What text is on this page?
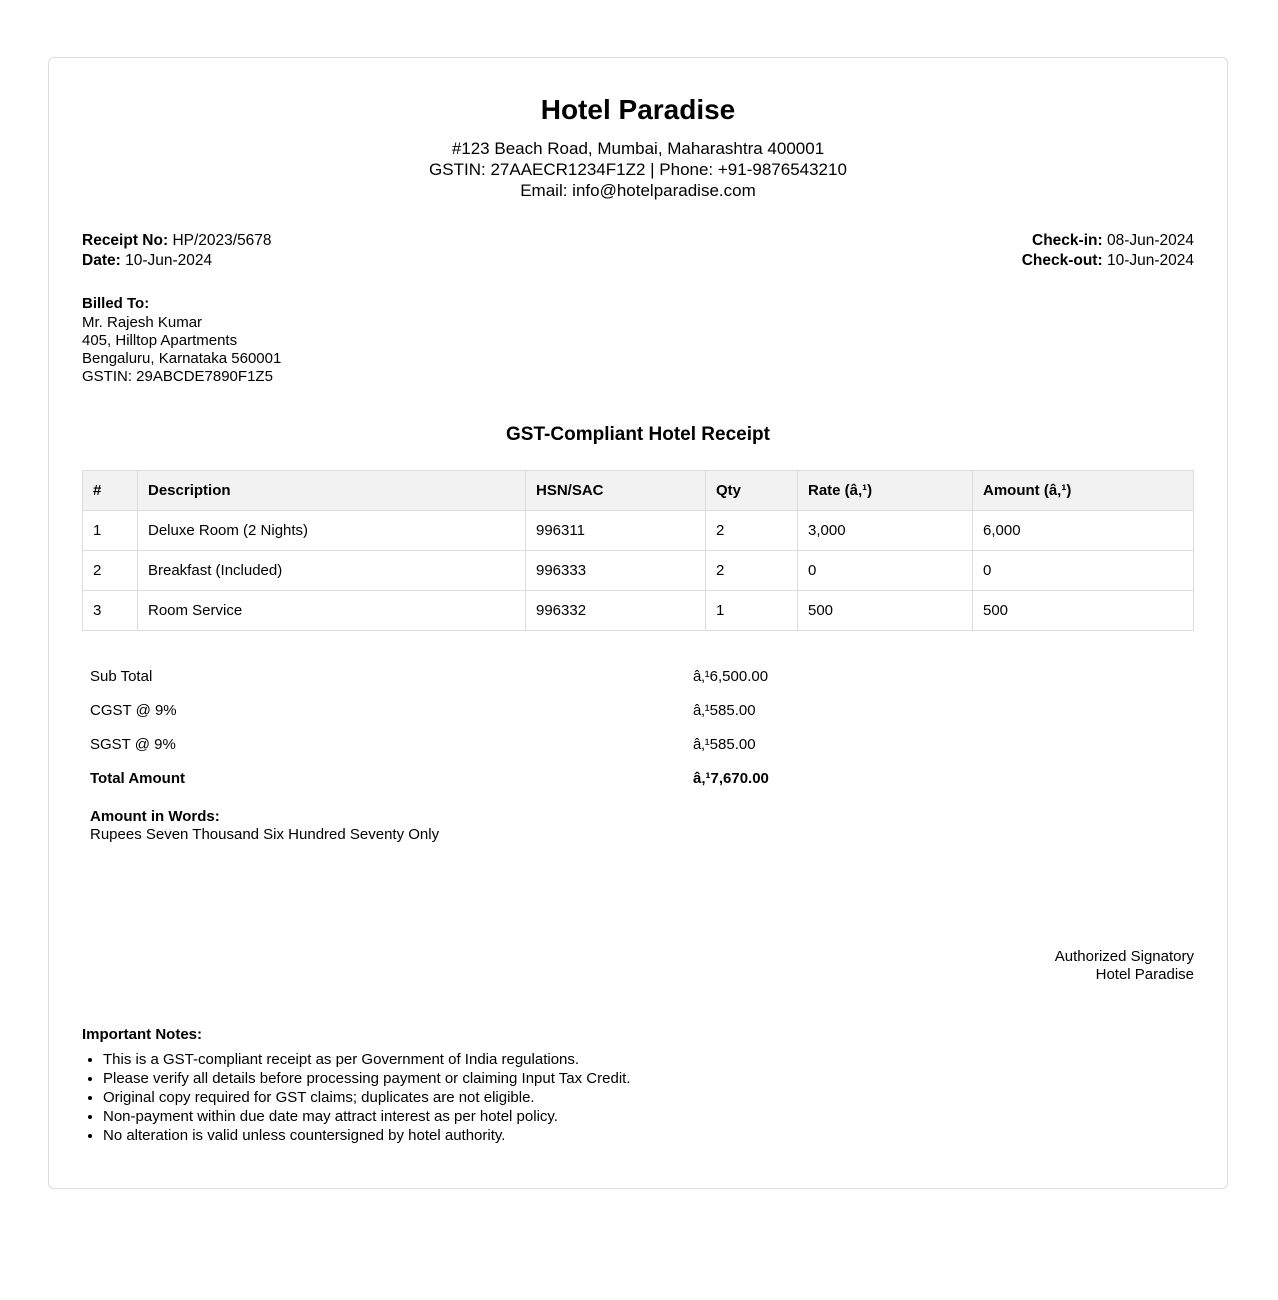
Hotel Paradise
#123 Beach Road, Mumbai, Maharashtra 400001
GSTIN: 27AAECR1234F1Z2 | Phone: +91-9876543210
Email: info@hotelparadise.com
Receipt No: HP/2023/5678
Date: 10-Jun-2024
Check-in: 08-Jun-2024
Check-out: 10-Jun-2024
Billed To:
Mr. Rajesh Kumar
405, Hilltop Apartments
Bengaluru, Karnataka 560001
GSTIN: 29ABCDE7890F1Z5
GST-Compliant Hotel Receipt
#	Description	HSN/SAC	Qty	Rate (â‚¹)	Amount (â‚¹)
1	Deluxe Room (2 Nights)	996311	2	3,000	6,000
2	Breakfast (Included)	996333	2	0	0
3	Room Service	996332	1	500	500
Sub Total	â‚¹6,500.00
CGST @ 9%	â‚¹585.00
SGST @ 9%	â‚¹585.00
Total Amount	â‚¹7,670.00
Amount in Words:
Rupees Seven Thousand Six Hundred Seventy Only
Authorized Signatory
Hotel Paradise
Important Notes:
• This is a GST-compliant receipt as per Government of India regulations.
• Please verify all details before processing payment or claiming Input Tax Credit.
• Original copy required for GST claims; duplicates are not eligible.
• Non-payment within due date may attract interest as per hotel policy.
• No alteration is valid unless countersigned by hotel authority.
